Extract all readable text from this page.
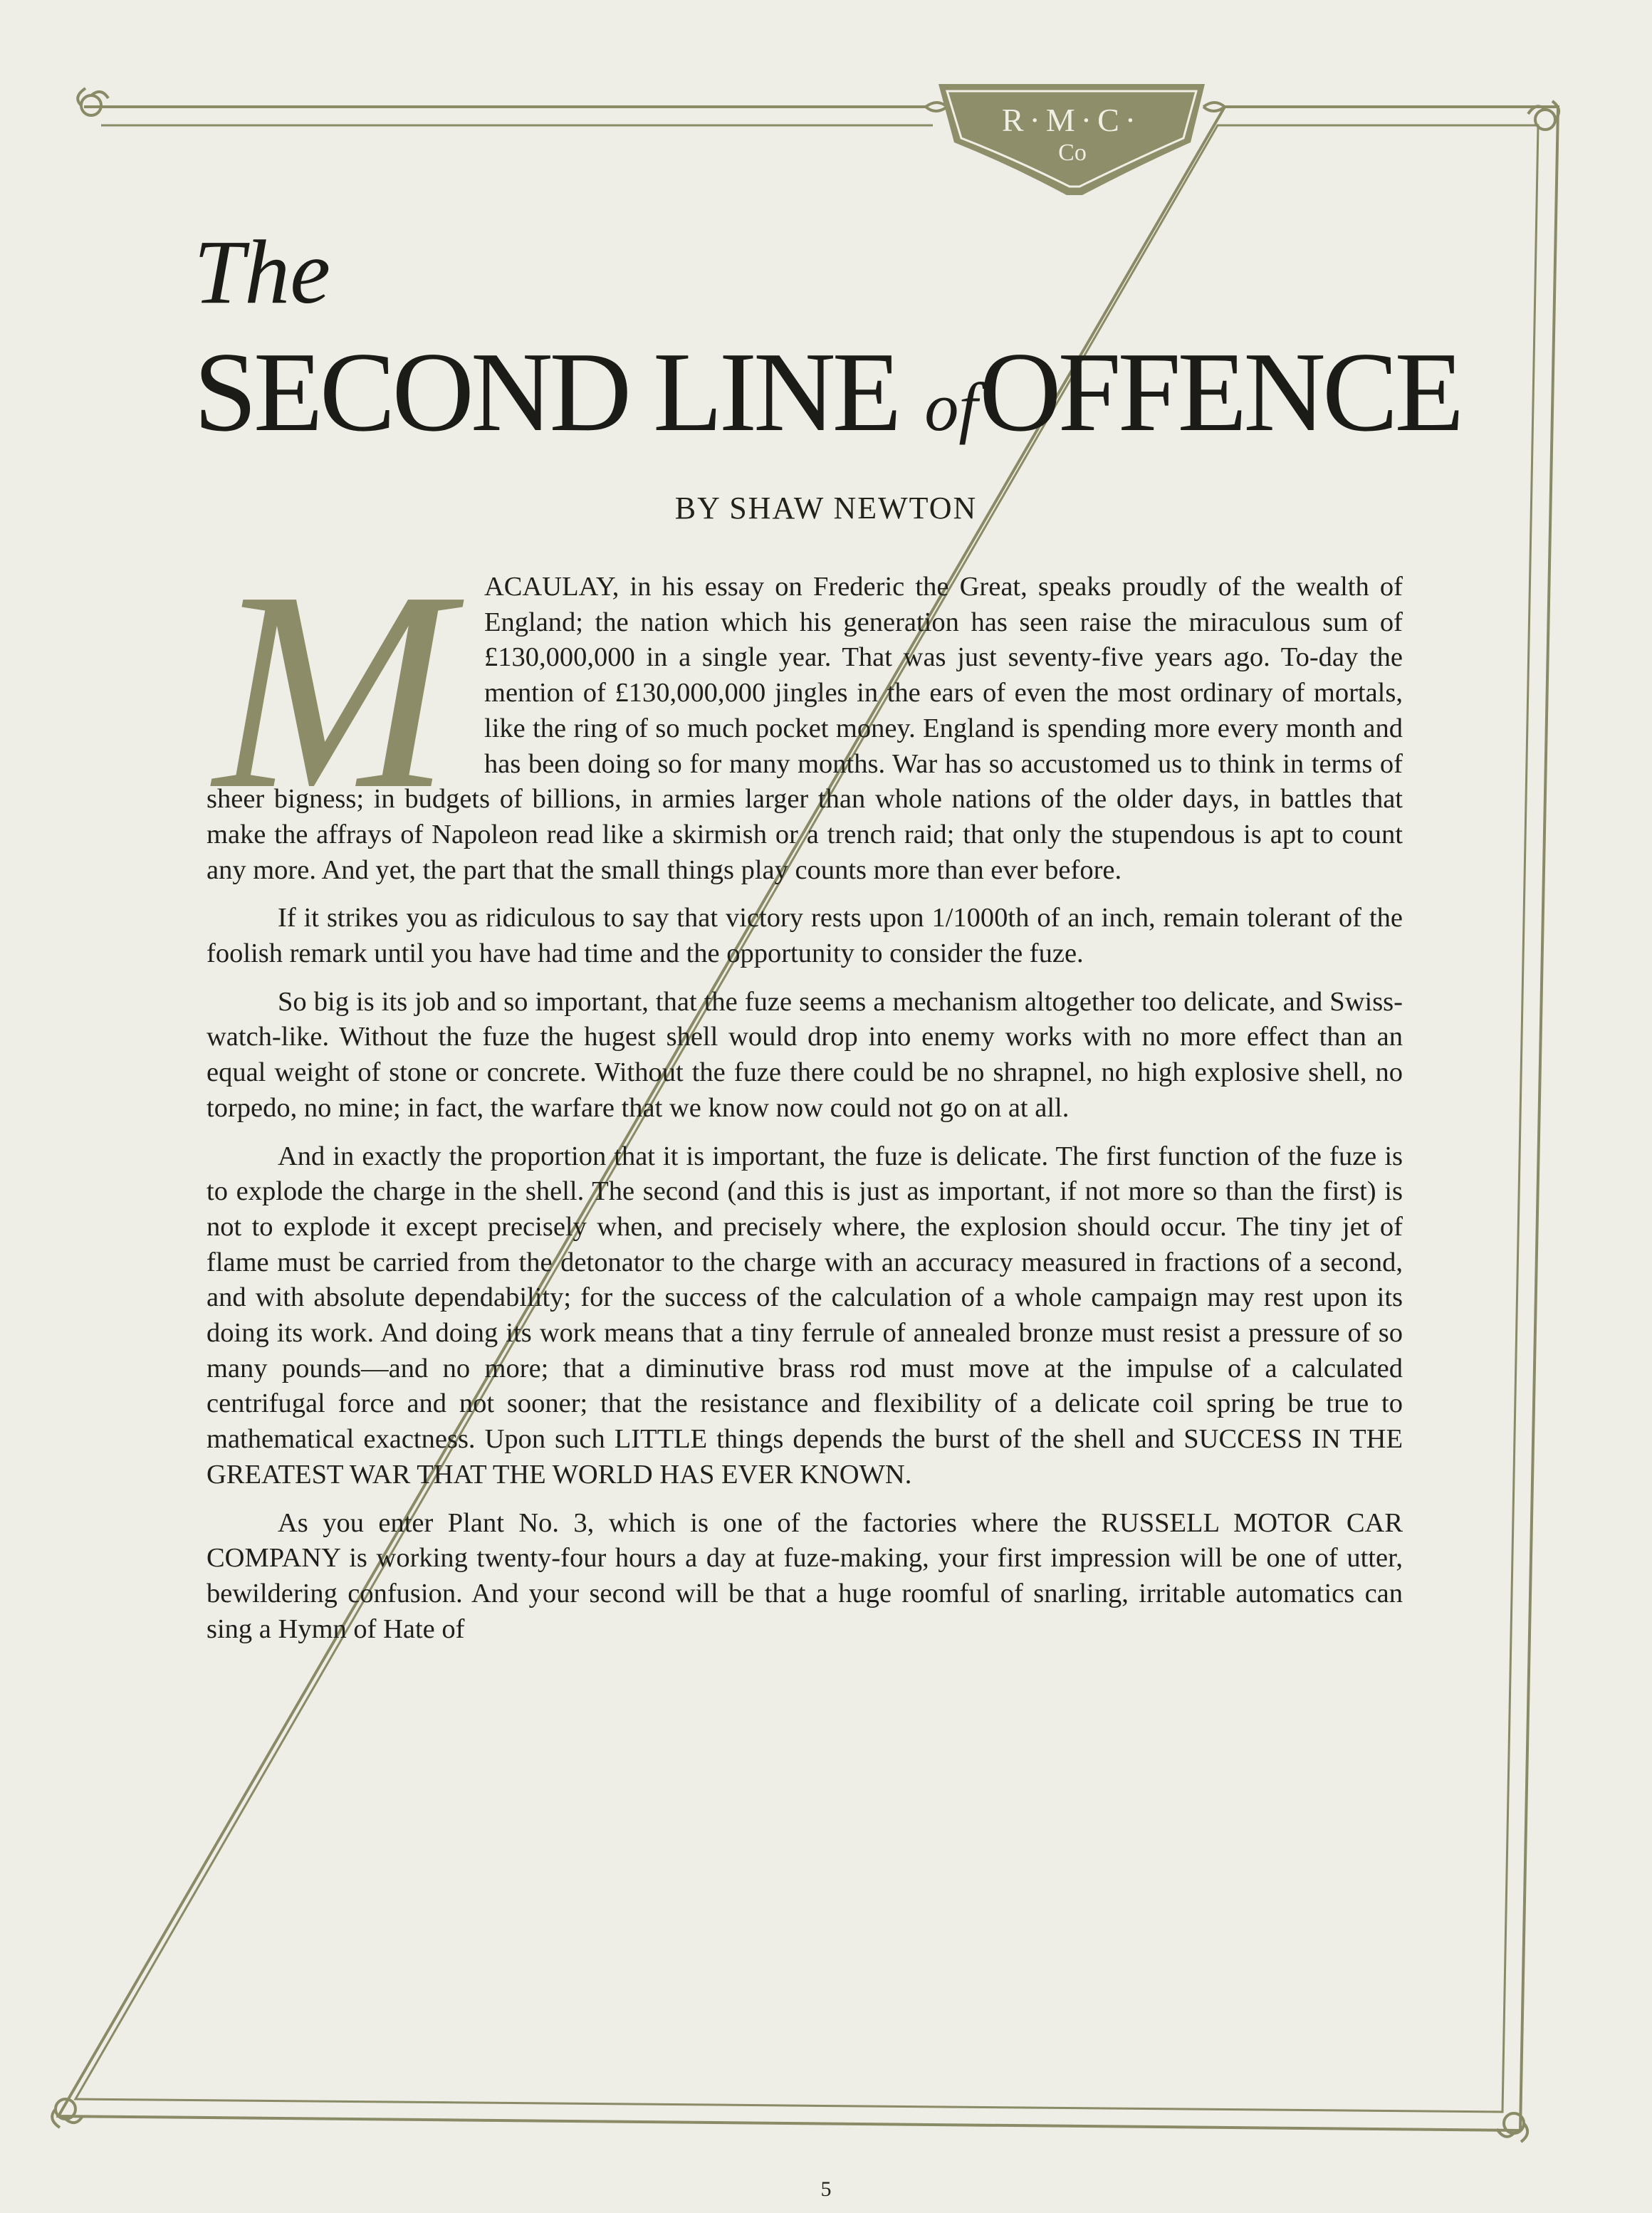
R·M·C·
Co
The
SECOND LINE ofOFFENCE
BY SHAW NEWTON
M	ACAULAY, in his essay on Frederic the Great, speaks proudly of the wealth of England; the nation which his generation has seen raise the miraculous sum of £130,000,000 in a single year. That was just seventy-five years ago. To-day the mention of £130,000,000 jingles in the ears of even the most ordinary of mortals, like the ring of so much pocket money. England is spending more every month and has been doing so for many months. War has so accustomed us to think in terms of sheer bigness; in budgets of billions, in armies larger than whole nations of the older days, in battles that make the affrays of Napoleon read like a skirmish or a trench raid; that only the stupendous is apt to count any more. And yet, the part that the small things play counts more than ever before.

If it strikes you as ridiculous to say that victory rests upon 1/1000th of an inch, remain tolerant of the foolish remark until you have had time and the opportunity to consider the fuze.

So big is its job and so important, that the fuze seems a mechanism altogether too delicate, and Swiss-watch-like. Without the fuze the hugest shell would drop into enemy works with no more effect than an equal weight of stone or concrete. Without the fuze there could be no shrapnel, no high explosive shell, no torpedo, no mine; in fact, the warfare that we know now could not go on at all.

And in exactly the proportion that it is important, the fuze is delicate. The first function of the fuze is to explode the charge in the shell. The second (and this is just as important, if not more so than the first) is not to explode it except precisely when, and precisely where, the explosion should occur. The tiny jet of flame must be carried from the detonator to the charge with an accuracy measured in fractions of a second, and with absolute dependability; for the success of the calculation of a whole campaign may rest upon its doing its work. And doing its work means that a tiny ferrule of annealed bronze must resist a pressure of so many pounds—and no more; that a diminutive brass rod must move at the impulse of a calculated centrifugal force and not sooner; that the resistance and flexibility of a delicate coil spring be true to mathematical exactness. Upon such LITTLE things depends the burst of the shell and SUCCESS IN THE GREATEST WAR THAT THE WORLD HAS EVER KNOWN.

As you enter Plant No. 3, which is one of the factories where the RUSSELL MOTOR CAR COMPANY is working twenty-four hours a day at fuze-making, your first impression will be one of utter, bewildering confusion. And your second will be that a huge roomful of snarling, irritable automatics can sing a Hymn of Hate of

5
